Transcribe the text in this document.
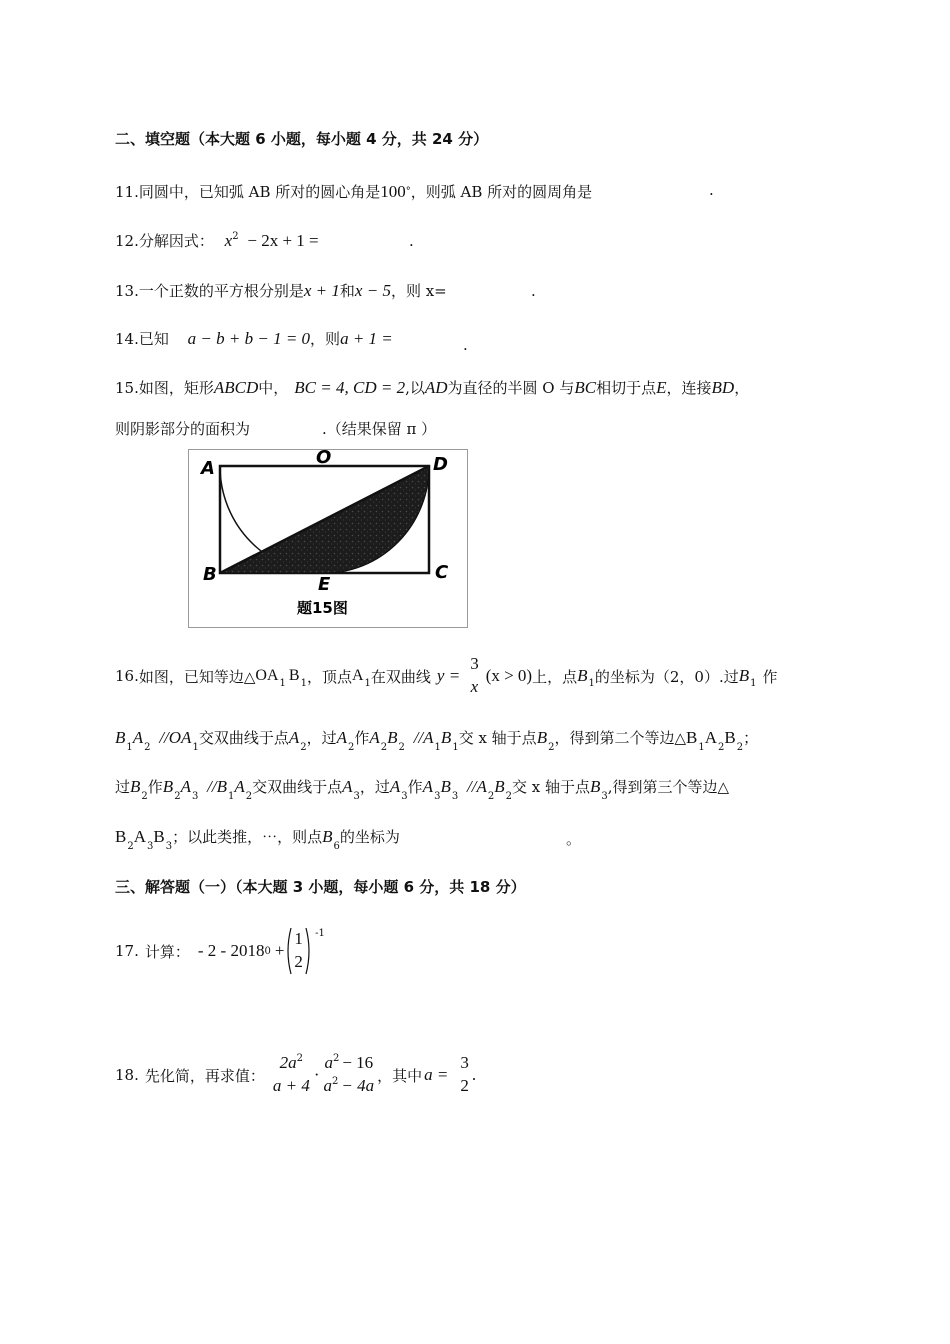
二、填空题（本大题 6 小题，每小题 4 分，共 24 分）
11.同圆中，已知弧 AB 所对的圆心角是100°，则弧 AB 所对的圆周角是	.
12.分解因式： $x^2 - 2x + 1$ =	.
13.一个正数的平方根分别是x + 1和x − 5，则 x=	.
14.已知 a − b + b − 1 = 0，则a + 1 =	.
15.如图，矩形ABCD中， BC = 4, CD = 2,以AD为直径的半圆 O 与BC相切于点E，连接BD，
则阴影部分的面积为	.（结果保留 π ）
A
O	D
B	C
E
题15图
16. 如图，已知等边△ OA 1 B 1 ，顶点 A 1 在双曲线 y =
3
x
(x > 0) 上，点 B 1 的坐标为（2，0）.过 B 1 作
$B_1A_2$ $//OA_1$交双曲线于点$A_2$，过$A_2$作$A_2B_2$ $//A_1B_1$交 x 轴于点$B_2$，得到第二个等边$\triangle B_1A_2B_2$；
过$B_2$作$B_2A_3$ $//B_1A_2$交双曲线于点$A_3$，过$A_3$作$A_3B_3$ $//A_2B_2$交 x 轴于点$B_3$,得到第三个等边△
$B_2A_3B_3$；以此类推，⋯，则点$B_6$的坐标为	。
三、解答题（一）（本大题 3 小题，每小题 6 分，共 18 分）
17. 计算： - 2 - 2018 0 +
1
2
-1
18. 先化简，再求值：
$2a^2$
a + 4
·
$a^2 - 16$
$a^2 - 4a$
，其中 a =
3
2
.
